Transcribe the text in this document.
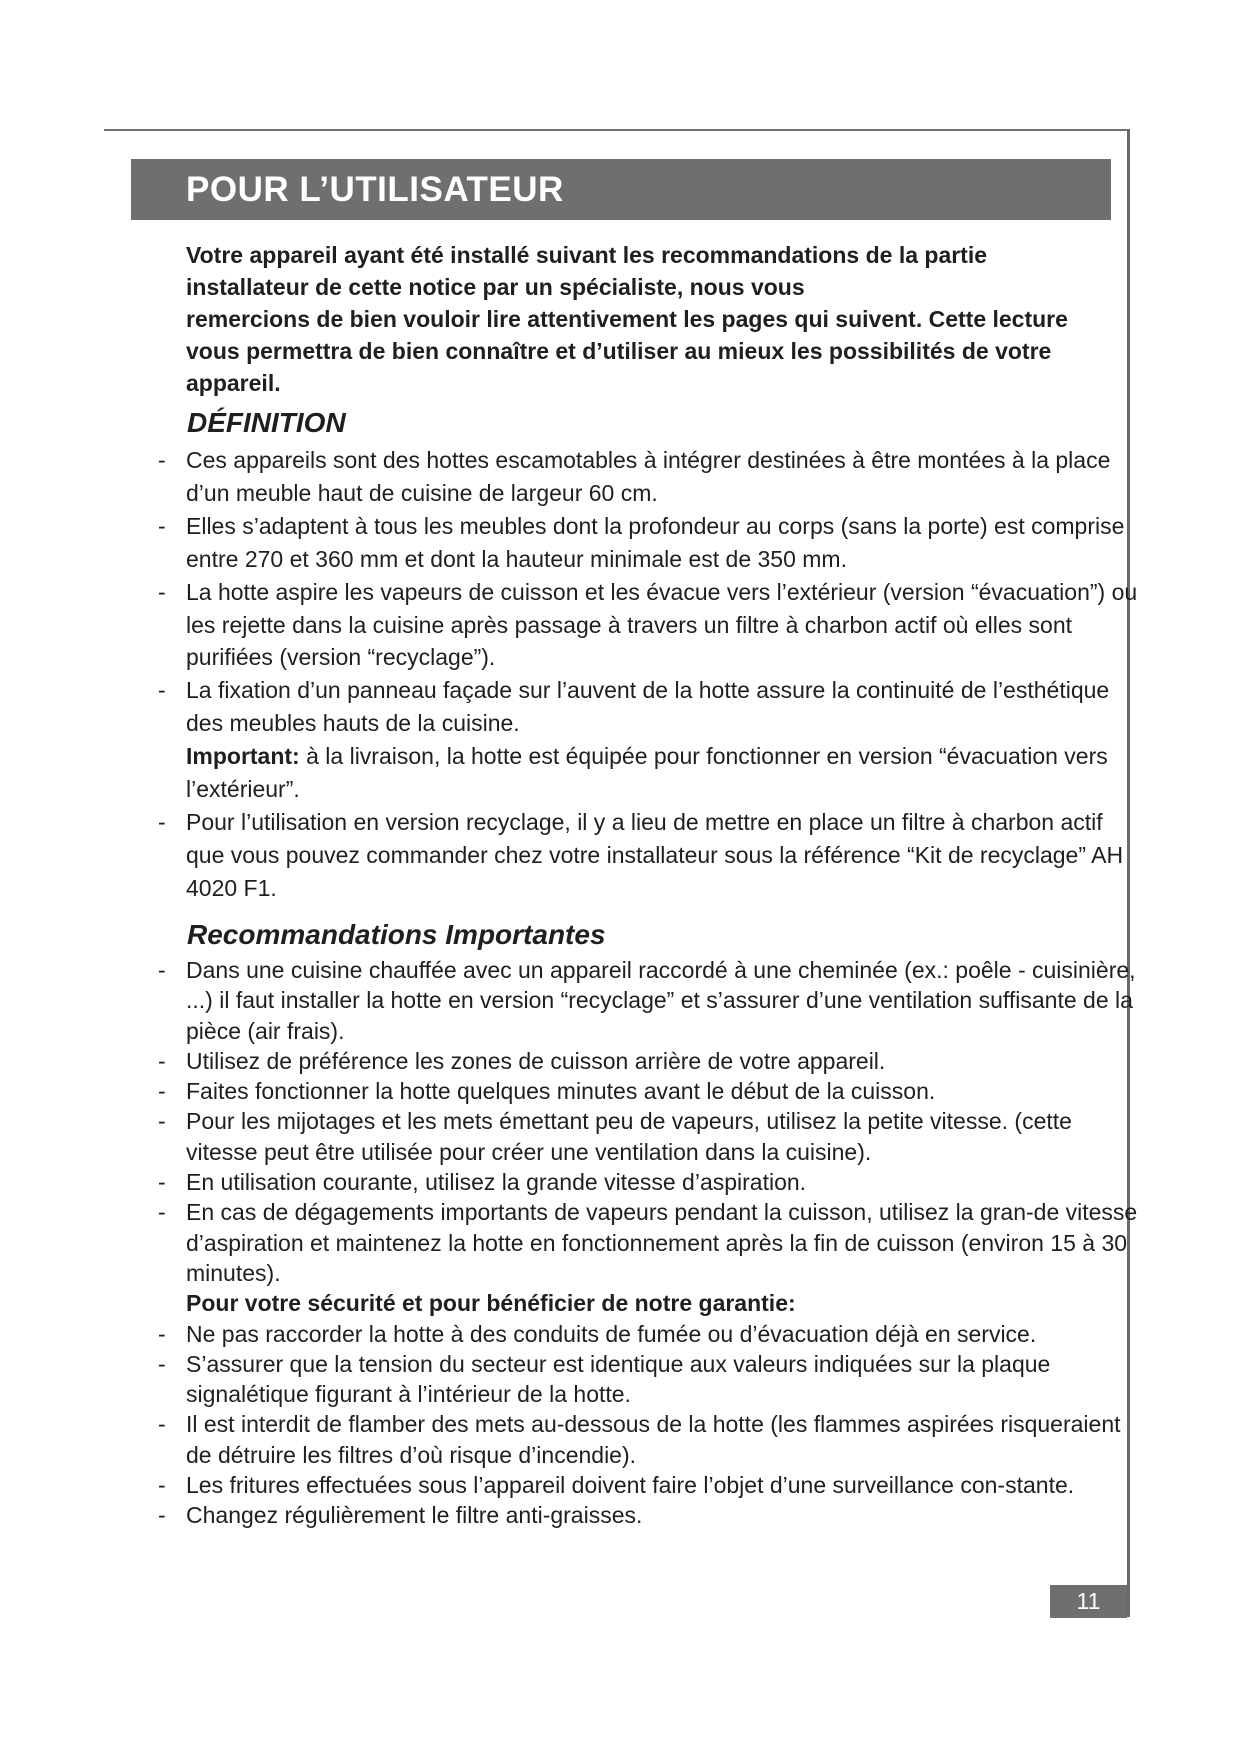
POUR L’UTILISATEUR

Votre appareil ayant été installé suivant les recommandations de la partie
installateur de cette notice par un spécialiste, nous vous
remercions de bien vouloir lire attentivement les pages qui suivent. Cette lecture
vous permettra de bien connaître et d’utiliser au mieux les possibilités de votre
appareil.

DÉFINITION

- Ces appareils sont des hottes escamotables à intégrer destinées à être montées à la place d’un meuble haut de cuisine de largeur 60 cm.

- Elles s’adaptent à tous les meubles dont la profondeur au corps (sans la porte) est comprise entre 270 et 360 mm et dont la hauteur minimale est de 350 mm.

- La hotte aspire les vapeurs de cuisson et les évacue vers l’extérieur (version “évacuation”) ou les rejette dans la cuisine après passage à travers un filtre à charbon actif où elles sont purifiées (version “recyclage”).

- La fixation d’un panneau façade sur l’auvent de la hotte assure la continuité de l’esthétique des meubles hauts de la cuisine.

Important: à la livraison, la hotte est équipée pour fonctionner en version “évacuation vers l’extérieur”.

- Pour l’utilisation en version recyclage, il y a lieu de mettre en place un filtre à charbon actif que vous pouvez commander chez votre installateur sous la référence “Kit de recyclage” AH 4020 F1.

Recommandations Importantes

- Dans une cuisine chauffée avec un appareil raccordé à une cheminée (ex.: poêle - cuisinière, ...) il faut installer la hotte en version “recyclage” et s’assurer d’une ventilation suffisante de la pièce (air frais).

- Utilisez de préférence les zones de cuisson arrière de votre appareil.

- Faites fonctionner la hotte quelques minutes avant le début de la cuisson.

- Pour les mijotages et les mets émettant peu de vapeurs, utilisez la petite vitesse. (cette vitesse peut être utilisée pour créer une ventilation dans la cuisine).

- En utilisation courante, utilisez la grande vitesse d’aspiration.

- En cas de dégagements importants de vapeurs pendant la cuisson, utilisez la gran-de vitesse d’aspiration et maintenez la hotte en fonctionnement après la fin de cuisson (environ 15 à 30 minutes).

Pour votre sécurité et pour bénéficier de notre garantie:

- Ne pas raccorder la hotte à des conduits de fumée ou d’évacuation déjà en service.

- S’assurer que la tension du secteur est identique aux valeurs indiquées sur la plaque signalétique figurant à l’intérieur de la hotte.

- Il est interdit de flamber des mets au-dessous de la hotte (les flammes aspirées risqueraient de détruire les filtres d’où risque d’incendie).

- Les fritures effectuées sous l’appareil doivent faire l’objet d’une surveillance con-stante.

- Changez régulièrement le filtre anti-graisses.

11
